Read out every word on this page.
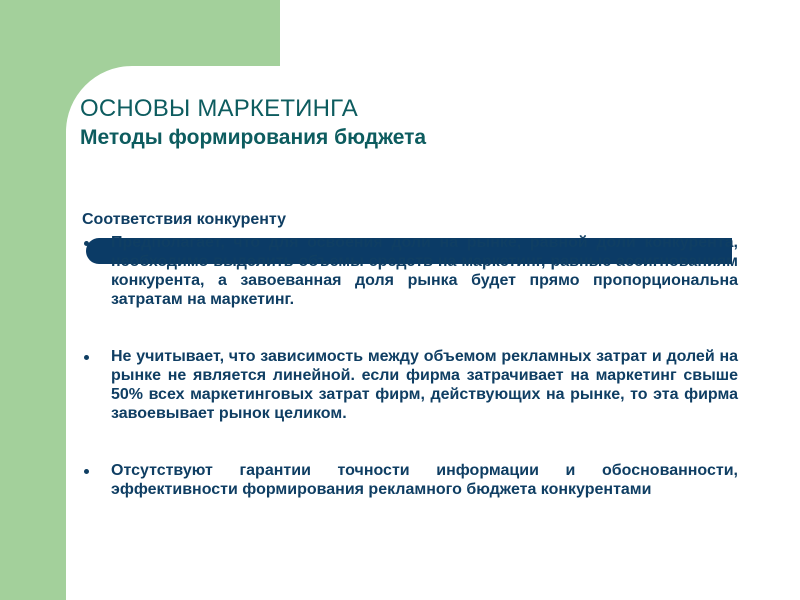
ОСНОВЫ МАРКЕТИНГА
Методы формирования бюджета
Соответствия конкуренту
Предполагает, что для освоения доли на рынке, равной доли конкурента, необходимо выделить объемы средств на маркетинг, равные ассигнованиям конкурента, а завоеванная доля рынка будет прямо пропорциональна затратам на маркетинг.
Не учитывает, что зависимость между объемом рекламных затрат и долей на рынке не является линейной. если фирма затрачивает на маркетинг свыше 50% всех маркетинговых затрат фирм, действующих на рынке, то эта фирма завоевывает рынок целиком.
Отсутствуют гарантии точности информации и обоснованности, эффективности формирования рекламного бюджета конкурентами
